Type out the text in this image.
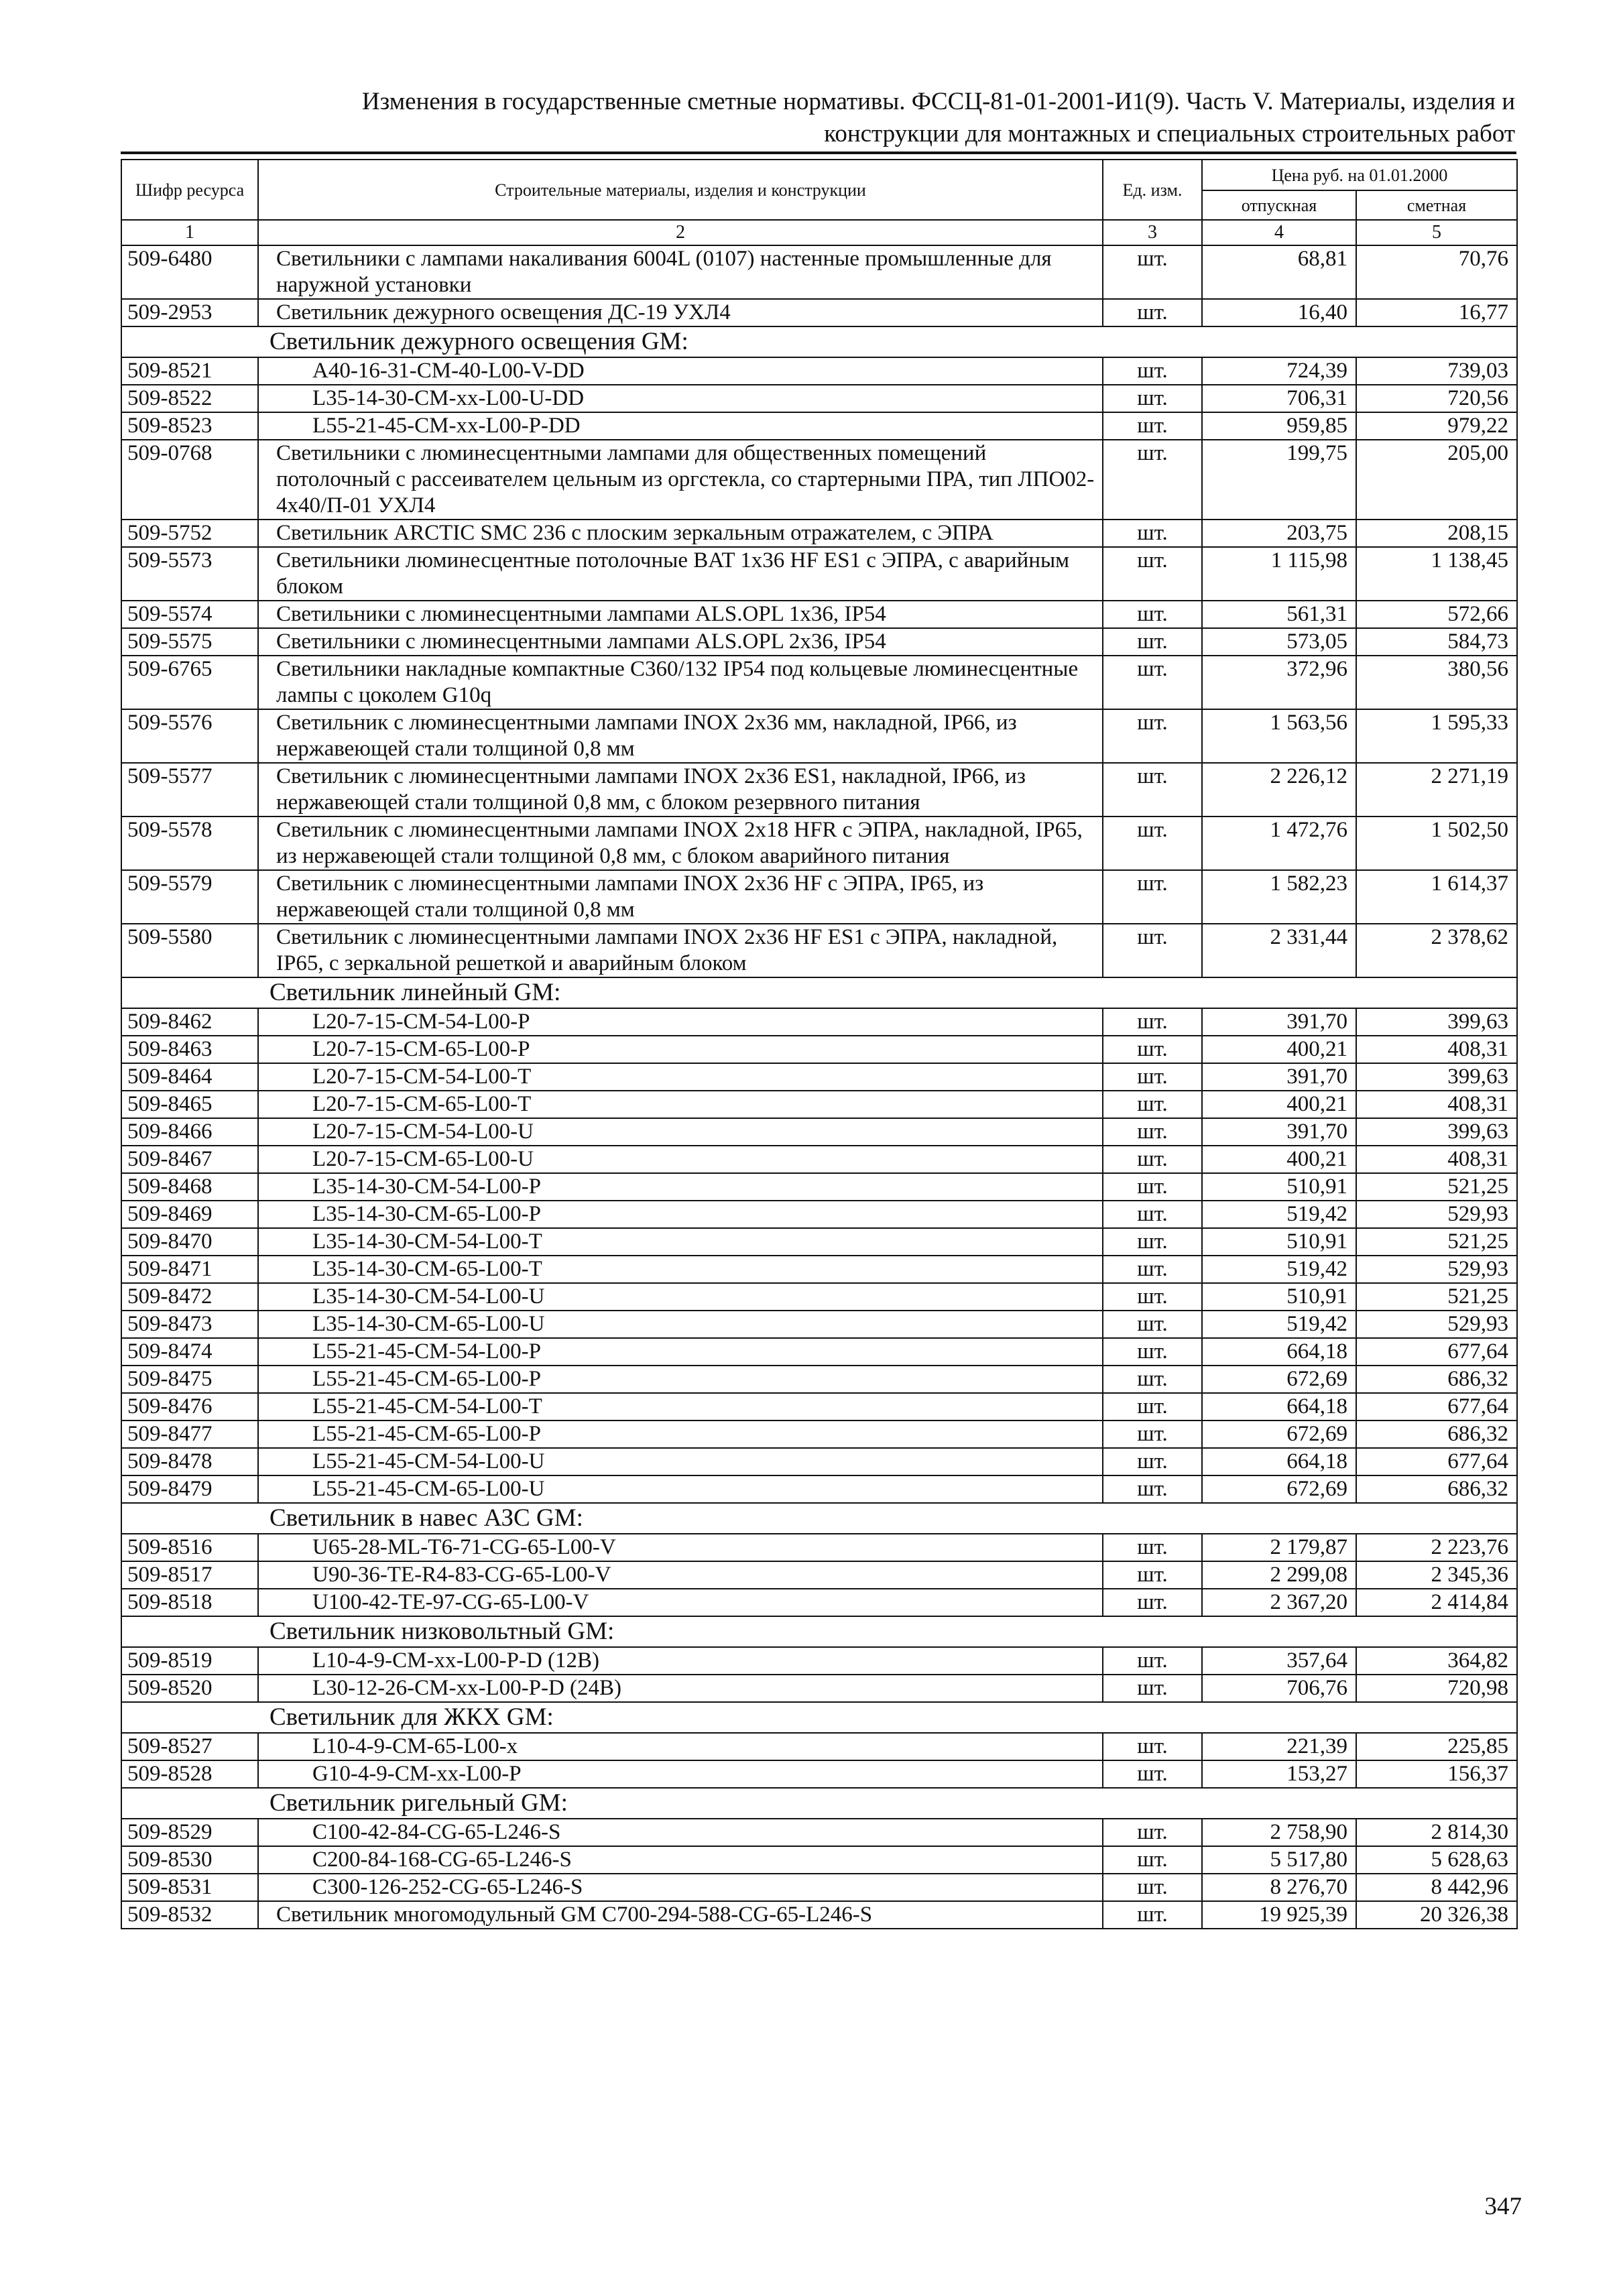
Изменения в государственные сметные нормативы. ФССЦ-81-01-2001-И1(9). Часть V. Материалы, изделия и
конструкции для монтажных и специальных строительных работ
Шифр ресурса	Строительные материалы, изделия и конструкции	Ед. изм.	Цена руб. на 01.01.2000	
			отпускная	сметная
1	2	3	4	5
509-6480	Светильники с лампами накаливания 6004L (0107) настенные промышленные для наружной установки	шт.	68,81	70,76
509-2953	Светильник дежурного освещения ДС-19 УХЛ4	шт.	16,40	16,77
Светильник дежурного освещения GM:				
509-8521	A40-16-31-CM-40-L00-V-DD	шт.	724,39	739,03
509-8522	L35-14-30-CM-xx-L00-U-DD	шт.	706,31	720,56
509-8523	L55-21-45-CM-xx-L00-P-DD	шт.	959,85	979,22
509-0768	Светильники с люминесцентными лампами для общественных помещений потолочный с рассеивателем цельным из оргстекла, со стартерными ПРА, тип ЛПО02-4х40/П-01 УХЛ4	шт.	199,75	205,00
509-5752	Светильник ARCTIC SMC 236 с плоским зеркальным отражателем, с ЭПРА	шт.	203,75	208,15
509-5573	Светильники люминесцентные потолочные BAT 1х36 HF ES1 с ЭПРА, с аварийным блоком	шт.	1 115,98	1 138,45
509-5574	Светильники с люминесцентными лампами ALS.OPL 1х36, IP54	шт.	561,31	572,66
509-5575	Светильники с люминесцентными лампами ALS.OPL 2х36, IP54	шт.	573,05	584,73
509-6765	Светильники накладные компактные C360/132 IP54 под кольцевые люминесцентные лампы с цоколем G10q	шт.	372,96	380,56
509-5576	Светильник с люминесцентными лампами INOX 2х36 мм, накладной, IP66, из нержавеющей стали толщиной 0,8 мм	шт.	1 563,56	1 595,33
509-5577	Светильник с люминесцентными лампами INOX 2х36 ES1, накладной, IP66, из нержавеющей стали толщиной 0,8 мм, с блоком резервного питания	шт.	2 226,12	2 271,19
509-5578	Светильник с люминесцентными лампами INOX 2х18 HFR с ЭПРА, накладной, IP65, из нержавеющей стали толщиной 0,8 мм, с блоком аварийного питания	шт.	1 472,76	1 502,50
509-5579	Светильник с люминесцентными лампами INOX 2х36 HF с ЭПРА, IP65, из нержавеющей стали толщиной 0,8 мм	шт.	1 582,23	1 614,37
509-5580	Светильник с люминесцентными лампами INOX 2х36 HF ES1 с ЭПРА, накладной, IP65, с зеркальной решеткой и аварийным блоком	шт.	2 331,44	2 378,62
Светильник линейный GM:				
509-8462	L20-7-15-CM-54-L00-P	шт.	391,70	399,63
509-8463	L20-7-15-CM-65-L00-P	шт.	400,21	408,31
509-8464	L20-7-15-CM-54-L00-T	шт.	391,70	399,63
509-8465	L20-7-15-CM-65-L00-T	шт.	400,21	408,31
509-8466	L20-7-15-CM-54-L00-U	шт.	391,70	399,63
509-8467	L20-7-15-CM-65-L00-U	шт.	400,21	408,31
509-8468	L35-14-30-CM-54-L00-P	шт.	510,91	521,25
509-8469	L35-14-30-CM-65-L00-P	шт.	519,42	529,93
509-8470	L35-14-30-CM-54-L00-T	шт.	510,91	521,25
509-8471	L35-14-30-CM-65-L00-T	шт.	519,42	529,93
509-8472	L35-14-30-CM-54-L00-U	шт.	510,91	521,25
509-8473	L35-14-30-CM-65-L00-U	шт.	519,42	529,93
509-8474	L55-21-45-CM-54-L00-P	шт.	664,18	677,64
509-8475	L55-21-45-CM-65-L00-P	шт.	672,69	686,32
509-8476	L55-21-45-CM-54-L00-T	шт.	664,18	677,64
509-8477	L55-21-45-CM-65-L00-P	шт.	672,69	686,32
509-8478	L55-21-45-CM-54-L00-U	шт.	664,18	677,64
509-8479	L55-21-45-CM-65-L00-U	шт.	672,69	686,32
Светильник в навес АЗС GM:				
509-8516	U65-28-ML-T6-71-CG-65-L00-V	шт.	2 179,87	2 223,76
509-8517	U90-36-TE-R4-83-CG-65-L00-V	шт.	2 299,08	2 345,36
509-8518	U100-42-TE-97-CG-65-L00-V	шт.	2 367,20	2 414,84
Светильник низковольтный GM:				
509-8519	L10-4-9-CM-xx-L00-P-D (12В)	шт.	357,64	364,82
509-8520	L30-12-26-CM-xx-L00-P-D (24В)	шт.	706,76	720,98
Светильник для ЖКХ GM:				
509-8527	L10-4-9-CM-65-L00-x	шт.	221,39	225,85
509-8528	G10-4-9-CM-xx-L00-P	шт.	153,27	156,37
Светильник ригельный GM:				
509-8529	C100-42-84-CG-65-L246-S	шт.	2 758,90	2 814,30
509-8530	C200-84-168-CG-65-L246-S	шт.	5 517,80	5 628,63
509-8531	C300-126-252-CG-65-L246-S	шт.	8 276,70	8 442,96
509-8532	Светильник многомодульный GM C700-294-588-CG-65-L246-S	шт.	19 925,39	20 326,38
347
